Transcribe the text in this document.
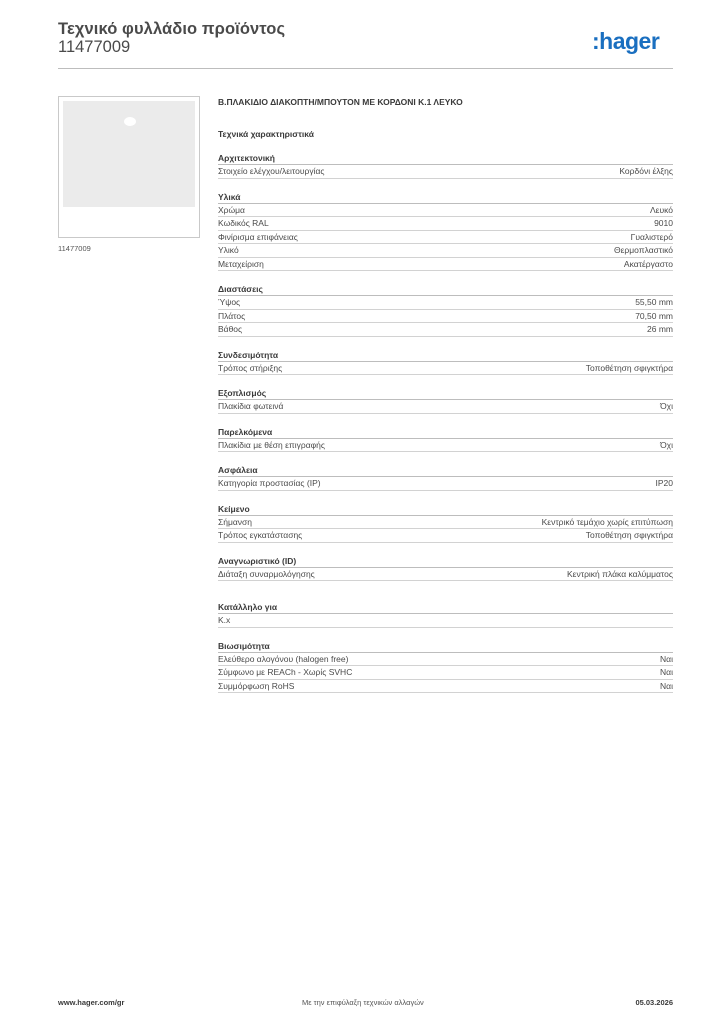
Τεχνικό φυλλάδιο προϊόντος
11477009	:hager
11477009
Β.ΠΛΑΚΙΔΙΟ ΔΙΑΚΟΠΤΗ/ΜΠΟΥΤΟΝ ΜΕ ΚΟΡΔΟΝΙ Κ.1 ΛΕΥΚΟ
Τεχνικά χαρακτηριστικά
Αρχιτεκτονική
Στοιχείο ελέγχου/λειτουργίας	Κορδόνι έλξης
Υλικά
Χρώμα	Λευκό
Κωδικός RAL	9010
Φινίρισμα επιφάνειας	Γυαλιστερό
Υλικό	Θερμοπλαστικό
Μεταχείριση	Ακατέργαστο
Διαστάσεις
Ύψος	55,50 mm
Πλάτος	70,50 mm
Βάθος	26 mm
Συνδεσιμότητα
Τρόπος στήριξης	Τοποθέτηση σφιγκτήρα
Εξοπλισμός
Πλακίδια φωτεινά	Όχι
Παρελκόμενα
Πλακίδια με θέση επιγραφής	Όχι
Ασφάλεια
Κατηγορία προστασίας (IP)	IP20
Κείμενο
Σήμανση	Κεντρικό τεμάχιο χωρίς επιτύπωση
Τρόπος εγκατάστασης	Τοποθέτηση σφιγκτήρα
Αναγνωριστικό (ID)
Διάταξη συναρμολόγησης	Κεντρική πλάκα καλύμματος
Κατάλληλο για
K.x
Βιωσιμότητα
Ελεύθερο αλογόνου (halogen free)	Ναι
Σύμφωνο με REACh - Χωρίς SVHC	Ναι
Συμμόρφωση RoHS	Ναι
www.hager.com/gr	Με την επιφύλαξη τεχνικών αλλαγών	05.03.2026
